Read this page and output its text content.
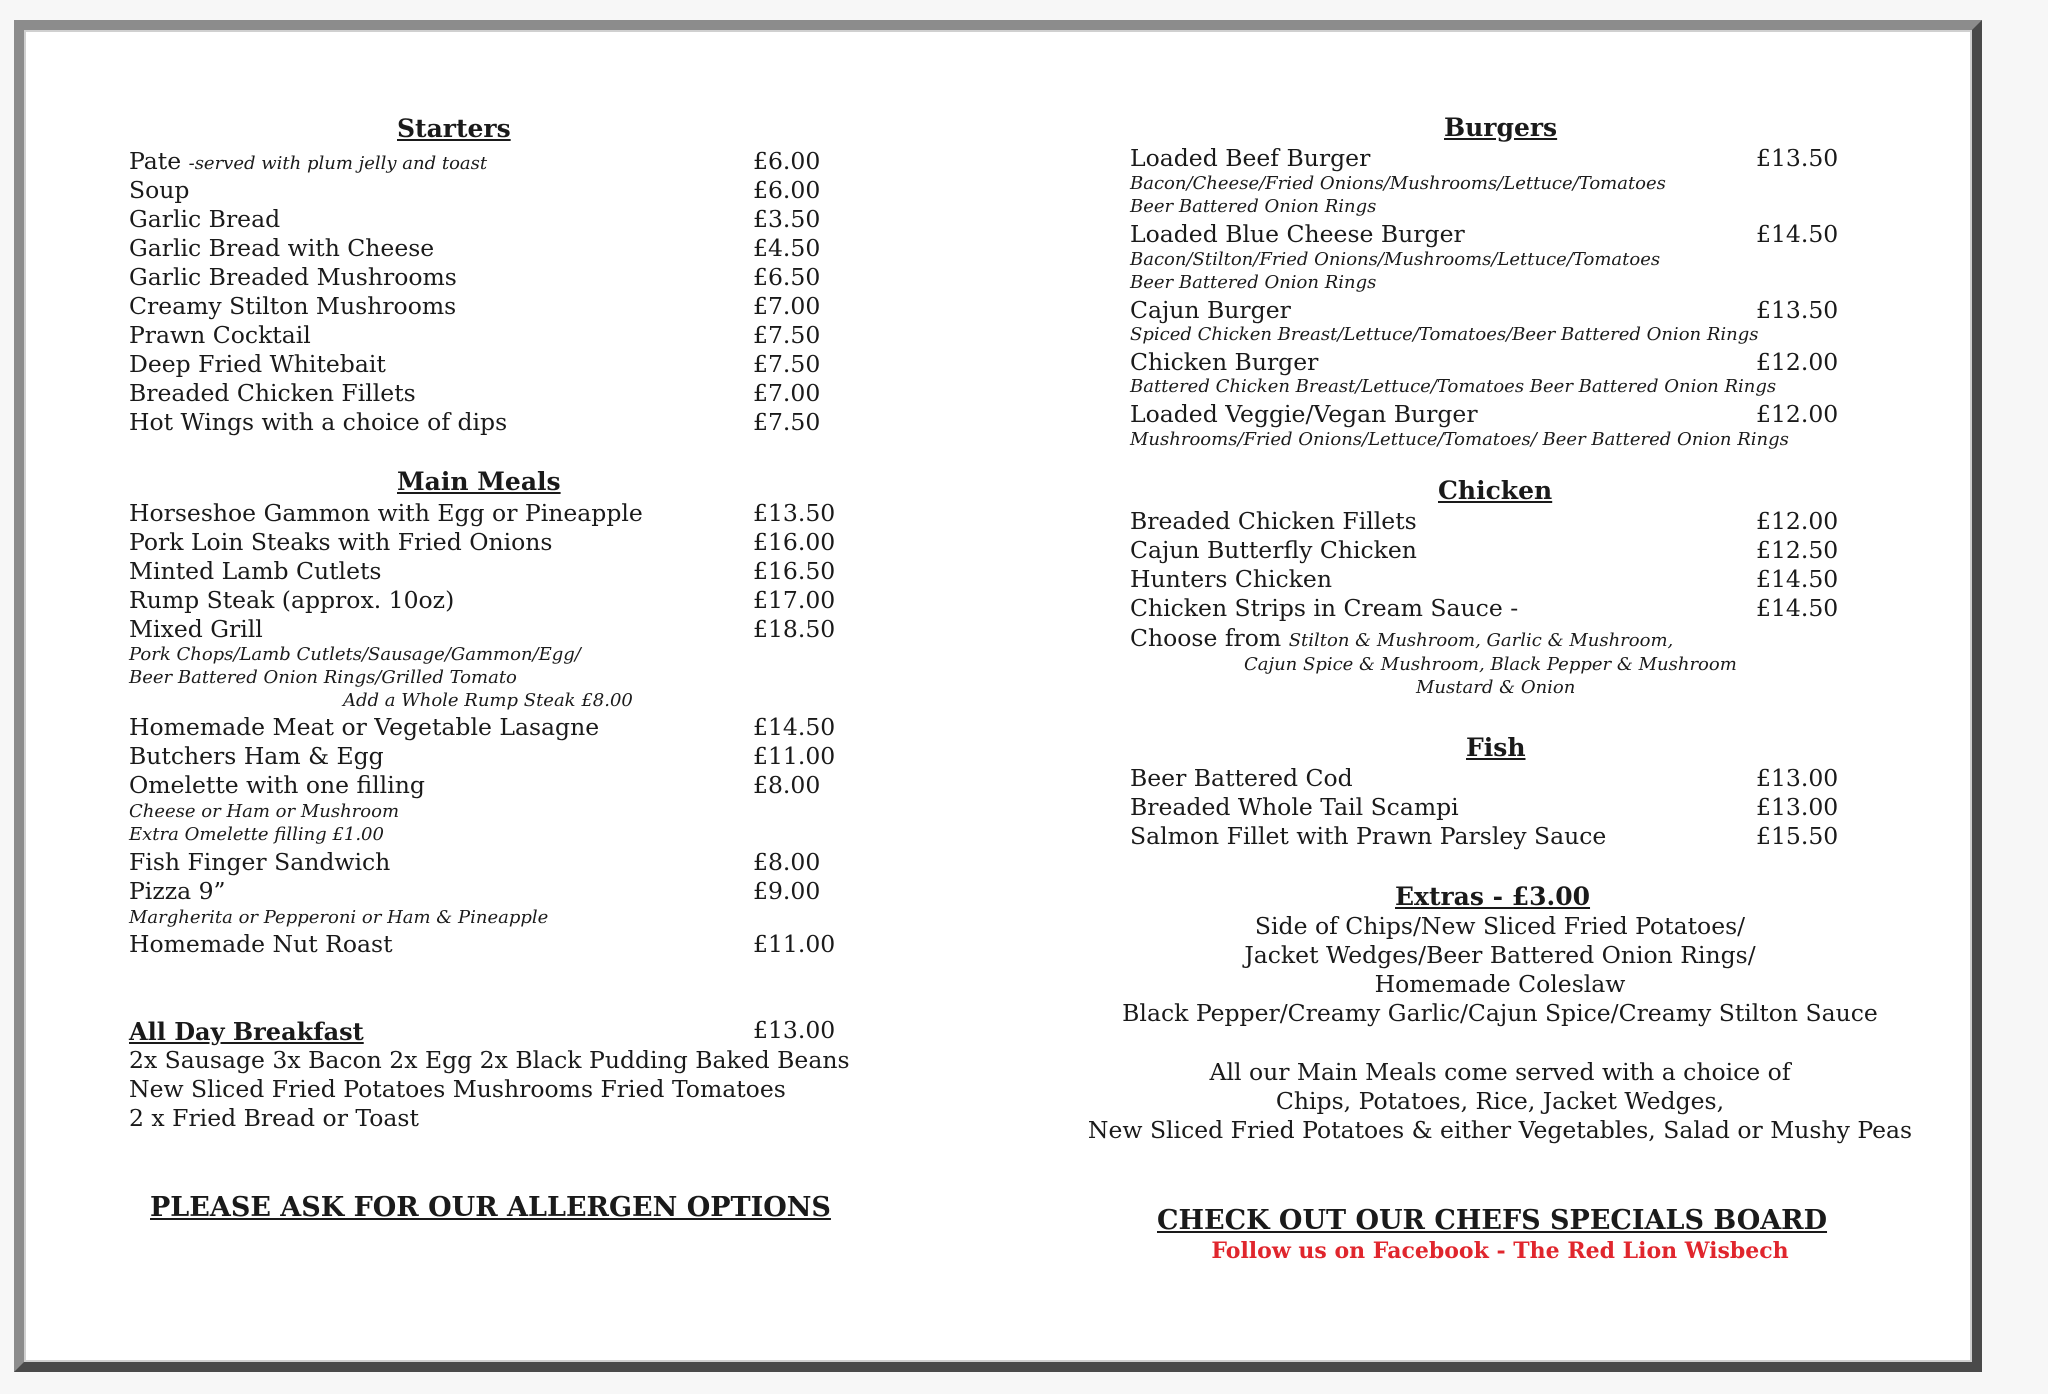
Starters
Pate -served with plum jelly and toast	£6.00
Soup	£6.00
Garlic Bread	£3.50
Garlic Bread with Cheese	£4.50
Garlic Breaded Mushrooms	£6.50
Creamy Stilton Mushrooms	£7.00
Prawn Cocktail	£7.50
Deep Fried Whitebait	£7.50
Breaded Chicken Fillets	£7.00
Hot Wings with a choice of dips	£7.50
Main Meals
Horseshoe Gammon with Egg or Pineapple	£13.50
Pork Loin Steaks with Fried Onions	£16.00
Minted Lamb Cutlets	£16.50
Rump Steak (approx. 10oz)	£17.00
Mixed Grill	£18.50
Pork Chops/Lamb Cutlets/Sausage/Gammon/Egg/
Beer Battered Onion Rings/Grilled Tomato
Add a Whole Rump Steak £8.00
Homemade Meat or Vegetable Lasagne	£14.50
Butchers Ham & Egg	£11.00
Omelette with one filling	£8.00
Cheese or Ham or Mushroom
Extra Omelette filling £1.00
Fish Finger Sandwich	£8.00
Pizza 9”	£9.00
Margherita or Pepperoni or Ham & Pineapple
Homemade Nut Roast	£11.00
All Day Breakfast	£13.00
2x Sausage 3x Bacon 2x Egg 2x Black Pudding Baked Beans
New Sliced Fried Potatoes Mushrooms Fried Tomatoes
2 x Fried Bread or Toast
PLEASE ASK FOR OUR ALLERGEN OPTIONS
Burgers
Loaded Beef Burger	£13.50
Bacon/Cheese/Fried Onions/Mushrooms/Lettuce/Tomatoes
Beer Battered Onion Rings
Loaded Blue Cheese Burger	£14.50
Bacon/Stilton/Fried Onions/Mushrooms/Lettuce/Tomatoes
Beer Battered Onion Rings
Cajun Burger	£13.50
Spiced Chicken Breast/Lettuce/Tomatoes/Beer Battered Onion Rings
Chicken Burger	£12.00
Battered Chicken Breast/Lettuce/Tomatoes Beer Battered Onion Rings
Loaded Veggie/Vegan Burger	£12.00
Mushrooms/Fried Onions/Lettuce/Tomatoes/ Beer Battered Onion Rings
Chicken
Breaded Chicken Fillets	£12.00
Cajun Butterfly Chicken	£12.50
Hunters Chicken	£14.50
Chicken Strips in Cream Sauce -	£14.50
Choose from Stilton & Mushroom, Garlic & Mushroom,
Cajun Spice & Mushroom, Black Pepper & Mushroom
Mustard & Onion
Fish
Beer Battered Cod	£13.00
Breaded Whole Tail Scampi	£13.00
Salmon Fillet with Prawn Parsley Sauce	£15.50
Extras - £3.00
Side of Chips/New Sliced Fried Potatoes/
Jacket Wedges/Beer Battered Onion Rings/
Homemade Coleslaw
Black Pepper/Creamy Garlic/Cajun Spice/Creamy Stilton Sauce
All our Main Meals come served with a choice of
Chips, Potatoes, Rice, Jacket Wedges,
New Sliced Fried Potatoes & either Vegetables, Salad or Mushy Peas
CHECK OUT OUR CHEFS SPECIALS BOARD
Follow us on Facebook - The Red Lion Wisbech
